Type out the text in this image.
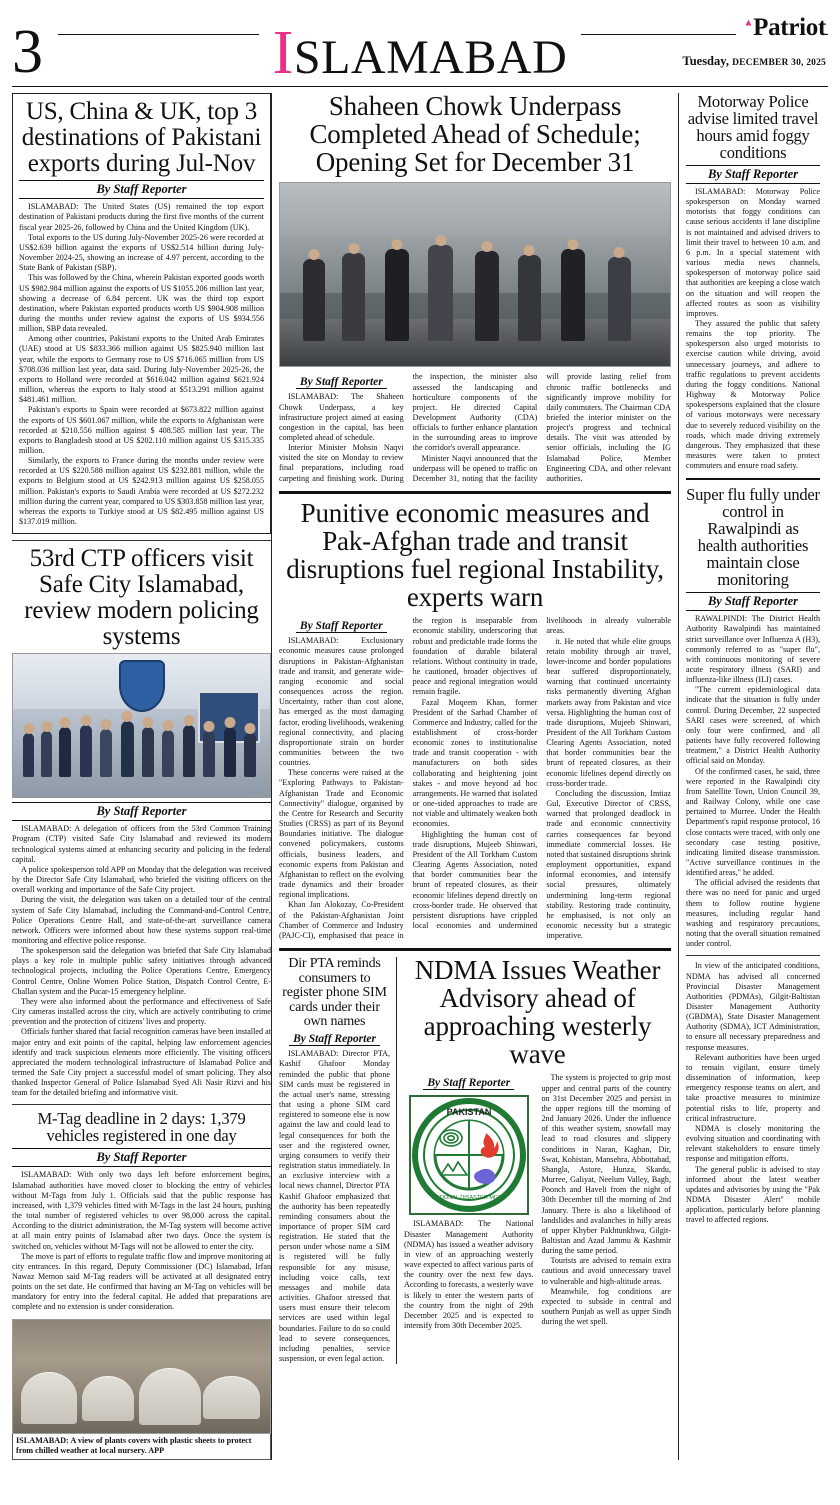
3	ISLAMABAD
▲Patriot
Tuesday, DECEMBER 30, 2025
US, China & UK, top 3 destinations of Pakistani exports during Jul-Nov
By Staff Reporter

ISLAMABAD: The United States (US) remained the top export destination of Pakistani products during the first five months of the current fiscal year 2025-26, followed by China and the United Kingdom (UK).

Total exports to the US during July-November 2025-26 were recorded at US$2.639 billion against the exports of US$2.514 billion during July-November 2024-25, showing an increase of 4.97 percent, according to the State Bank of Pakistan (SBP).

This was followed by the China, wherein Pakistan exported goods worth US $982.984 million against the exports of US $1055.206 million last year, showing a decrease of 6.84 percent. UK was the third top export destination, where Pakistan exported products worth US $904.908 million during the months under review against the exports of US $934.556 million, SBP data revealed.

Among other countries, Pakistani exports to the United Arab Emirates (UAE) stood at US $833.366 million against US $825.940 million last year, while the exports to Germany rose to US $716.065 million from US $708.036 million last year, data said. During July-November 2025-26, the exports to Holland were recorded at $616.042 million against $621.924 million, whereas the exports to Italy stood at $513.291 million against $481.461 million.

Pakistan's exports to Spain were recorded at $673.822 million against the exports of US $601.067 million, while the exports to Afghanistan were recorded at $210.556 million against $ 408.585 million last year. The exports to Bangladesh stood at US $202.110 million against US $315.335 million.

Similarly, the exports to France during the months under review were recorded at US $220.588 million against US $232.881 million, while the exports to Belgium stood at US $242.913 million against US $258.055 million. Pakistan's exports to Saudi Arabia were recorded at US $272.232 million during the current year, compared to US $303.858 million last year, whereas the exports to Turkiye stood at US $82.495 million against US $137.019 million.

53rd CTP officers visit Safe City Islamabad, review modern policing systems
By Staff Reporter

ISLAMABAD: A delegation of officers from the 53rd Common Training Program (CTP) visited Safe City Islamabad and reviewed its modern technological systems aimed at enhancing security and policing in the federal capital.

A police spokesperson told APP on Monday that the delegation was received by the Director Safe City Islamabad, who briefed the visiting officers on the overall working and importance of the Safe City project.

During the visit, the delegation was taken on a detailed tour of the central system of Safe City Islamabad, including the Command-and-Control Centre, Police Operations Centre Hall, and state-of-the-art surveillance camera network. Officers were informed about how these systems support real-time monitoring and effective police response.

The spokesperson said the delegation was briefed that Safe City Islamabad plays a key role in multiple public safety initiatives through advanced technological projects, including the Police Operations Centre, Emergency Control Centre, Online Women Police Station, Dispatch Control Centre, E-Challan system and the Pucar-15 emergency helpline.

They were also informed about the performance and effectiveness of Safe City cameras installed across the city, which are actively contributing to crime prevention and the protection of citizens' lives and property.

Officials further shared that facial recognition cameras have been installed at major entry and exit points of the capital, helping law enforcement agencies identify and track suspicious elements more efficiently. The visiting officers appreciated the modern technological infrastructure of Islamabad Police and termed the Safe City project a successful model of smart policing. They also thanked Inspector General of Police Islamabad Syed Ali Nasir Rizvi and his team for the detailed briefing and informative visit.

M-Tag deadline in 2 days: 1,379 vehicles registered in one day
By Staff Reporter

ISLAMABAD: With only two days left before enforcement begins, Islamabad authorities have moved closer to blocking the entry of vehicles without M-Tags from July 1. Officials said that the public response has increased, with 1,379 vehicles fitted with M-Tags in the last 24 hours, pushing the total number of registered vehicles to over 98,000 across the capital. According to the district administration, the M-Tag system will become active at all main entry points of Islamabad after two days. Once the system is switched on, vehicles without M-Tags will not be allowed to enter the city.

The move is part of efforts to regulate traffic flow and improve monitoring at city entrances. In this regard, Deputy Commissioner (DC) Islamabad, Irfan Nawaz Memon said M-Tag readers will be activated at all designated entry points on the set date. He confirmed that having an M-Tag on vehicles will be mandatory for entry into the federal capital. He added that preparations are complete and no extension is under consideration.

ISLAMABAD: A view of plants covers with plastic sheets to protect from chilled weather at local nursery. APP
Shaheen Chowk Underpass Completed Ahead of Schedule; Opening Set for December 31
By Staff Reporter

ISLAMABAD: The Shaheen Chowk Underpass, a key infrastructure project aimed at easing congestion in the capital, has been completed ahead of schedule.

Interior Minister Mohsin Naqvi visited the site on Monday to review final preparations, including road carpeting and finishing work. During the inspection, the minister also assessed the landscaping and horticulture components of the project. He directed Capital Development Authority (CDA) officials to further enhance plantation in the surrounding areas to improve the corridor's overall appearance.

Minister Naqvi announced that the underpass will be opened to traffic on December 31, noting that the facility will provide lasting relief from chronic traffic bottlenecks and significantly improve mobility for daily commuters. The Chairman CDA briefed the interior minister on the project's progress and technical details. The visit was attended by senior officials, including the IG Islamabad Police, Member Engineering CDA, and other relevant authorities.

Punitive economic measures and Pak-Afghan trade and transit disruptions fuel regional Instability, experts warn
By Staff Reporter

ISLAMABAD: Exclusionary economic measures cause prolonged disruptions in Pakistan-Afghanistan trade and transit, and generate wide-ranging economic and social consequences across the region. Uncertainty, rather than cost alone, has emerged as the most damaging factor, eroding livelihoods, weakening regional connectivity, and placing disproportionate strain on border communities between the two countries.

These concerns were raised at the "Exploring Pathways to Pakistan-Afghanistan Trade and Economic Connectivity" dialogue, organised by the Centre for Research and Security Studies (CRSS) as part of its Beyond Boundaries initiative. The dialogue convened policymakers, customs officials, business leaders, and economic experts from Pakistan and Afghanistan to reflect on the evolving trade dynamics and their broader regional implications.

Khan Jan Alokozay, Co-President of the Pakistan-Afghanistan Joint Chamber of Commerce and Industry (PAJC-CI), emphasised that peace in the region is inseparable from economic stability, underscoring that robust and predictable trade forms the foundation of durable bilateral relations. Without continuity in trade, he cautioned, broader objectives of peace and regional integration would remain fragile.

Fazal Moqeem Khan, former President of the Sarhad Chamber of Commerce and Industry, called for the establishment of cross-border economic zones to institutionalise trade and transit cooperation - with manufacturers on both sides collaborating and heightening joint stakes - and move beyond ad hoc arrangements. He warned that isolated or one-sided approaches to trade are not viable and ultimately weaken both economies.

Highlighting the human cost of trade disruptions, Mujeeb Shinwari, President of the All Torkham Custom Clearing Agents Association, noted that border communities bear the brunt of repeated closures, as their economic lifelines depend directly on cross-border trade. He observed that persistent disruptions have crippled local economies and undermined livelihoods in already vulnerable areas.

it. He noted that while elite groups retain mobility through air travel, lower-income and border populations bear suffered disproportionately, warning that continued uncertainty risks permanently diverting Afghan markets away from Pakistan and vice versa. Highlighting the human cost of trade disruptions, Mujeeb Shinwari, President of the All Torkham Custom Clearing Agents Association, noted that border communities bear the brunt of repeated closures, as their economic lifelines depend directly on cross-border trade.

Concluding the discussion, Imtiaz Gul, Executive Director of CRSS, warned that prolonged deadlock in trade and economic connectivity carries consequences far beyond immediate commercial losses. He noted that sustained disruptions shrink employment opportunities, expand informal economies, and intensify social pressures, ultimately undermining long-term regional stability. Restoring trade continuity, he emphasised, is not only an economic necessity but a strategic imperative.

Dir PTA reminds consumers to register phone SIM cards under their own names
By Staff Reporter

ISLAMABAD: Director PTA, Kashif Ghafoor Monday reminded the public that phone SIM cards must be registered in the actual user's name, stressing that using a phone SIM card registered to someone else is now against the law and could lead to legal consequences for both the user and the registered owner, urging consumers to verify their registration status immediately. In an exclusive interview with a local news channel, Director PTA Kashif Ghafoor emphasized that the authority has been repeatedly reminding consumers about the importance of proper SIM card registration. He stated that the person under whose name a SIM is registered will be fully responsible for any misuse, including voice calls, text messages and mobile data activities. Ghafoor stressed that users must ensure their telecom services are used within legal boundaries. Failure to do so could lead to severe consequences, including penalties, service suspension, or even legal action.

NDMA Issues Weather Advisory ahead of approaching westerly wave
By Staff Reporter
PAKISTAN
NATIONAL DISASTER MGMT

ISLAMABAD: The National Disaster Management Authority (NDMA) has issued a weather advisory in view of an approaching westerly wave expected to affect various parts of the country over the next few days. According to forecasts, a westerly wave is likely to enter the western parts of the country from the night of 29th December 2025 and is expected to intensify from 30th December 2025.

The system is projected to grip most upper and central parts of the country on 31st December 2025 and persist in the upper regions till the morning of 2nd January 2026. Under the influence of this weather system, snowfall may lead to road closures and slippery conditions in Naran, Kaghan, Dir, Swat, Kohistan, Mansehra, Abbottabad, Shangla, Astore, Hunza, Skardu, Murree, Galiyat, Neelum Valley, Bagh, Poonch and Haveli from the night of 30th December till the morning of 2nd January. There is also a likelihood of landslides and avalanches in hilly areas of upper Khyber Pakhtunkhwa, Gilgit-Baltistan and Azad Jammu & Kashmir during the same period.

Tourists are advised to remain extra cautious and avoid unnecessary travel to vulnerable and high-altitude areas.

Meanwhile, fog conditions are expected to subside in central and southern Punjab as well as upper Sindh during the wet spell.

Motorway Police advise limited travel hours amid foggy conditions
By Staff Reporter

ISLAMABAD: Motorway Police spokesperson on Monday warned motorists that foggy conditions can cause serious accidents if lane discipline is not maintained and advised drivers to limit their travel to between 10 a.m. and 6 p.m. In a special statement with various media news channels, spokesperson of motorway police said that authorities are keeping a close watch on the situation and will reopen the affected routes as soon as visibility improves.

They assured the public that safety remains the top priority. The spokesperson also urged motorists to exercise caution while driving, avoid unnecessary journeys, and adhere to traffic regulations to prevent accidents during the foggy conditions. National Highway & Motorway Police spokespersons explained that the closure of various motorways were necessary due to severely reduced visibility on the roads, which made driving extremely dangerous. They emphasized that these measures were taken to protect commuters and ensure road safety.

Super flu fully under control in Rawalpindi as health authorities maintain close monitoring
By Staff Reporter

RAWALPINDI: The District Health Authority Rawalpindi has maintained strict surveillance over Influenza A (H3), commonly referred to as "super flu", with continuous monitoring of severe acute respiratory illness (SARI) and influenza-like illness (ILI) cases.

"The current epidemiological data indicate that the situation is fully under control. During December, 22 suspected SARI cases were screened, of which only four were confirmed, and all patients have fully recovered following treatment," a District Health Authority official said on Monday.

Of the confirmed cases, he said, three were reported in the Rawalpindi city from Satellite Town, Union Council 39, and Railway Colony, while one case pertained to Murree. Under the Health Department's rapid response protocol, 16 close contacts were traced, with only one secondary case testing positive, indicating limited disease transmission. "Active surveillance continues in the identified areas," he added.

The official advised the residents that there was no need for panic and urged them to follow routine hygiene measures, including regular hand washing and respiratory precautions, noting that the overall situation remained under control.

In view of the anticipated conditions, NDMA has advised all concerned Provincial Disaster Management Authorities (PDMAs), Gilgit-Baltistan Disaster Management Authority (GBDMA), State Disaster Management Authority (SDMA), ICT Administration, to ensure all necessary preparedness and response measures.

Relevant authorities have been urged to remain vigilant, ensure timely dissemination of information, keep emergency response teams on alert, and take proactive measures to minimize potential risks to life, property and critical infrastructure.

NDMA is closely monitoring the evolving situation and coordinating with relevant stakeholders to ensure timely response and mitigation efforts.

The general public is advised to stay informed about the latest weather updates and advisories by using the "Pak NDMA Disaster Alert" mobile application, particularly before planning travel to affected regions.
